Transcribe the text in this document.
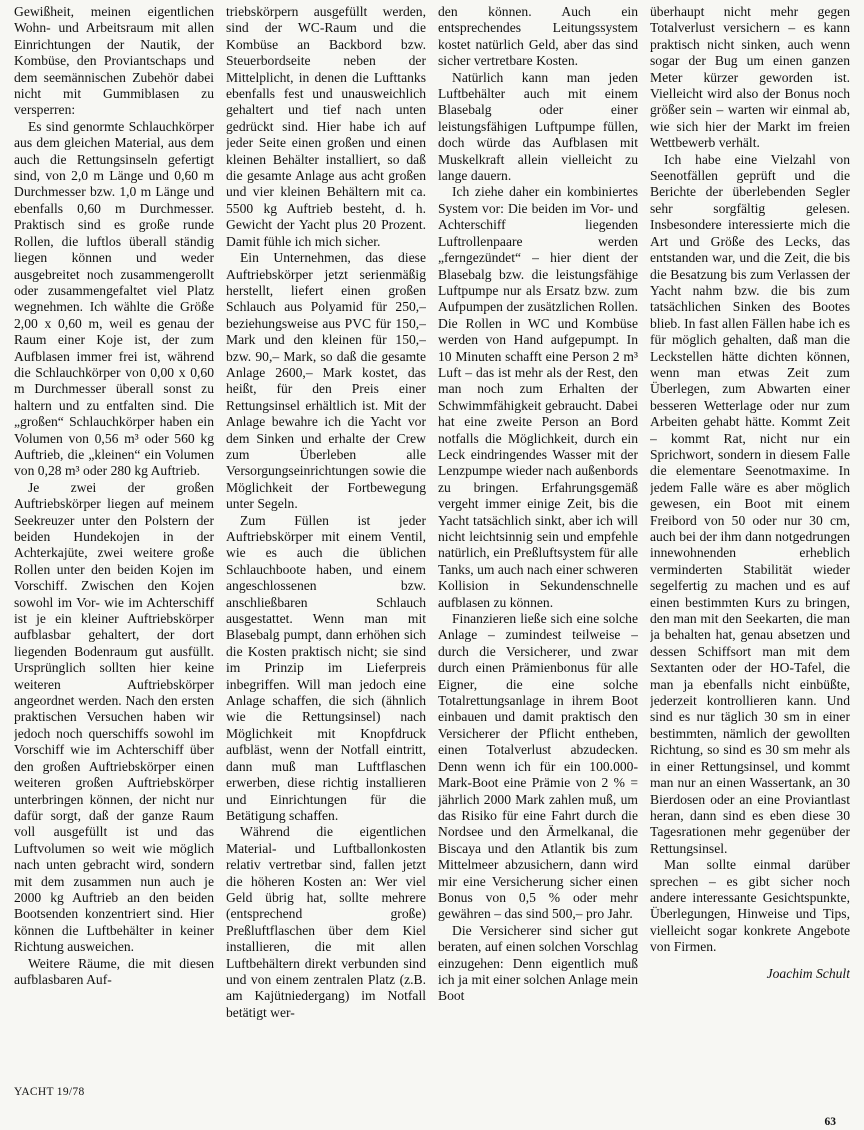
Gewißheit, meinen eigentlichen Wohn- und Arbeitsraum mit allen Einrichtungen der Nautik, der Kombüse, den Proviantschaps und dem seemännischen Zubehör dabei nicht mit Gummiblasen zu versperren:

Es sind genormte Schlauchkörper aus dem gleichen Material, aus dem auch die Rettungsinseln gefertigt sind, von 2,0 m Länge und 0,60 m Durchmesser bzw. 1,0 m Länge und ebenfalls 0,60 m Durchmesser. Praktisch sind es große runde Rollen, die luftlos überall ständig liegen können und weder ausgebreitet noch zusammengerollt oder zusammengefaltet viel Platz wegnehmen. Ich wählte die Größe 2,00 x 0,60 m, weil es genau der Raum einer Koje ist, der zum Aufblasen immer frei ist, während die Schlauchkörper von 0,00 x 0,60 m Durchmesser überall sonst zu haltern und zu entfalten sind. Die „großen“ Schlauchkörper haben ein Volumen von 0,56 m³ oder 560 kg Auftrieb, die „kleinen“ ein Volumen von 0,28 m³ oder 280 kg Auftrieb.

Je zwei der großen Auftriebskörper liegen auf meinem Seekreuzer unter den Polstern der beiden Hundekojen in der Achterkajüte, zwei weitere große Rollen unter den beiden Kojen im Vorschiff. Zwischen den Kojen sowohl im Vor- wie im Achterschiff ist je ein kleiner Auftriebskörper aufblasbar gehaltert, der dort liegenden Bodenraum gut ausfüllt. Ursprünglich sollten hier keine weiteren Auftriebskörper angeordnet werden. Nach den ersten praktischen Versuchen haben wir jedoch noch querschiffs sowohl im Vorschiff wie im Achterschiff über den großen Auftriebskörper einen weiteren großen Auftriebskörper unterbringen können, der nicht nur dafür sorgt, daß der ganze Raum voll ausgefüllt ist und das Luftvolumen so weit wie möglich nach unten gebracht wird, sondern mit dem zusammen nun auch je 2000 kg Auftrieb an den beiden Bootsenden konzentriert sind. Hier können die Luftbehälter in keiner Richtung ausweichen.

Weitere Räume, die mit diesen aufblasbaren Auf-

triebskörpern ausgefüllt werden, sind der WC-Raum und die Kombüse an Backbord bzw. Steuerbordseite neben der Mittelplicht, in denen die Lufttanks ebenfalls fest und unausweichlich gehaltert und tief nach unten gedrückt sind. Hier habe ich auf jeder Seite einen großen und einen kleinen Behälter installiert, so daß die gesamte Anlage aus acht großen und vier kleinen Behältern mit ca. 5500 kg Auftrieb besteht, d. h. Gewicht der Yacht plus 20 Prozent. Damit fühle ich mich sicher.

Ein Unternehmen, das diese Auftriebskörper jetzt serienmäßig herstellt, liefert einen großen Schlauch aus Polyamid für 250,– beziehungsweise aus PVC für 150,– Mark und den kleinen für 150,– bzw. 90,– Mark, so daß die gesamte Anlage 2600,– Mark kostet, das heißt, für den Preis einer Rettungsinsel erhältlich ist. Mit der Anlage bewahre ich die Yacht vor dem Sinken und erhalte der Crew zum Überleben alle Versorgungseinrichtungen sowie die Möglichkeit der Fortbewegung unter Segeln.

Zum Füllen ist jeder Auftriebskörper mit einem Ventil, wie es auch die üblichen Schlauchboote haben, und einem angeschlossenen bzw. anschließbaren Schlauch ausgestattet. Wenn man mit Blasebalg pumpt, dann erhöhen sich die Kosten praktisch nicht; sie sind im Prinzip im Lieferpreis inbegriffen. Will man jedoch eine Anlage schaffen, die sich (ähnlich wie die Rettungsinsel) nach Möglichkeit mit Knopfdruck aufbläst, wenn der Notfall eintritt, dann muß man Luftflaschen erwerben, diese richtig installieren und Einrichtungen für die Betätigung schaffen.

Während die eigentlichen Material- und Luftballonkosten relativ vertretbar sind, fallen jetzt die höheren Kosten an: Wer viel Geld übrig hat, sollte mehrere (entsprechend große) Preßluftflaschen über dem Kiel installieren, die mit allen Luftbehältern direkt verbunden sind und von einem zentralen Platz (z.B. am Kajütniedergang) im Notfall betätigt wer-

den können. Auch ein entsprechendes Leitungssystem kostet natürlich Geld, aber das sind sicher vertretbare Kosten.

Natürlich kann man jeden Luftbehälter auch mit einem Blasebalg oder einer leistungsfähigen Luftpumpe füllen, doch würde das Aufblasen mit Muskelkraft allein vielleicht zu lange dauern.

Ich ziehe daher ein kombiniertes System vor: Die beiden im Vor- und Achterschiff liegenden Luftrollenpaare werden „ferngezündet“ – hier dient der Blasebalg bzw. die leistungsfähige Luftpumpe nur als Ersatz bzw. zum Aufpumpen der zusätzlichen Rollen. Die Rollen in WC und Kombüse werden von Hand aufgepumpt. In 10 Minuten schafft eine Person 2 m³ Luft – das ist mehr als der Rest, den man noch zum Erhalten der Schwimmfähigkeit gebraucht. Dabei hat eine zweite Person an Bord notfalls die Möglichkeit, durch ein Leck eindringendes Wasser mit der Lenzpumpe wieder nach außenbords zu bringen. Erfahrungsgemäß vergeht immer einige Zeit, bis die Yacht tatsächlich sinkt, aber ich will nicht leichtsinnig sein und empfehle natürlich, ein Preßluftsystem für alle Tanks, um auch nach einer schweren Kollision in Sekundenschnelle aufblasen zu können.

Finanzieren ließe sich eine solche Anlage – zumindest teilweise – durch die Versicherer, und zwar durch einen Prämienbonus für alle Eigner, die eine solche Totalrettungsanlage in ihrem Boot einbauen und damit praktisch den Versicherer der Pflicht entheben, einen Totalverlust abzudecken. Denn wenn ich für ein 100.000-Mark-Boot eine Prämie von 2 % = jährlich 2000 Mark zahlen muß, um das Risiko für eine Fahrt durch die Nordsee und den Ärmelkanal, die Biscaya und den Atlantik bis zum Mittelmeer abzusichern, dann wird mir eine Versicherung sicher einen Bonus von 0,5 % oder mehr gewähren – das sind 500,– pro Jahr.

Die Versicherer sind sicher gut beraten, auf einen solchen Vorschlag einzugehen: Denn eigentlich muß ich ja mit einer solchen Anlage mein Boot

überhaupt nicht mehr gegen Totalverlust versichern – es kann praktisch nicht sinken, auch wenn sogar der Bug um einen ganzen Meter kürzer geworden ist. Vielleicht wird also der Bonus noch größer sein – warten wir einmal ab, wie sich hier der Markt im freien Wettbewerb verhält.

Ich habe eine Vielzahl von Seenotfällen geprüft und die Berichte der überlebenden Segler sehr sorgfältig gelesen. Insbesondere interessierte mich die Art und Größe des Lecks, das entstanden war, und die Zeit, die bis die Besatzung bis zum Verlassen der Yacht nahm bzw. die bis zum tatsächlichen Sinken des Bootes blieb. In fast allen Fällen habe ich es für möglich gehalten, daß man die Leckstellen hätte dichten können, wenn man etwas Zeit zum Überlegen, zum Abwarten einer besseren Wetterlage oder nur zum Arbeiten gehabt hätte. Kommt Zeit – kommt Rat, nicht nur ein Sprichwort, sondern in diesem Falle die elementare Seenotmaxime. In jedem Falle wäre es aber möglich gewesen, ein Boot mit einem Freibord von 50 oder nur 30 cm, auch bei der ihm dann notgedrungen innewohnenden erheblich verminderten Stabilität wieder segelfertig zu machen und es auf einen bestimmten Kurs zu bringen, den man mit den Seekarten, die man ja behalten hat, genau absetzen und dessen Schiffsort man mit dem Sextanten oder der HO-Tafel, die man ja ebenfalls nicht einbüßte, jederzeit kontrollieren kann. Und sind es nur täglich 30 sm in einer bestimmten, nämlich der gewollten Richtung, so sind es 30 sm mehr als in einer Rettungsinsel, und kommt man nur an einen Wassertank, an 30 Bierdosen oder an eine Proviantlast heran, dann sind es eben diese 30 Tagesrationen mehr gegenüber der Rettungsinsel.

Man sollte einmal darüber sprechen – es gibt sicher noch andere interessante Gesichtspunkte, Überlegungen, Hinweise und Tips, vielleicht sogar konkrete Angebote von Firmen.

Joachim Schult
YACHT 19/78
63
